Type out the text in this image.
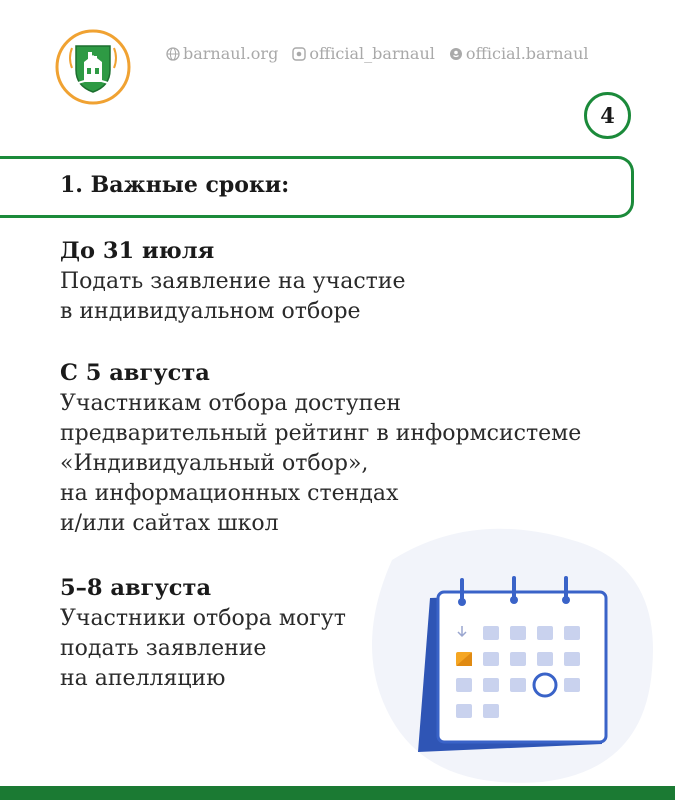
barnaul.org official_barnaul official.barnaul
4
1. Важные сроки:
До 31 июля
Подать заявление на участие
в индивидуальном отборе
С 5 августа
Участникам отбора доступен
предварительный рейтинг в информсистеме
«Индивидуальный отбор»,
на информационных стендах
и/или сайтах школ
5–8 августа
Участники отбора могут
подать заявление
на апелляцию
